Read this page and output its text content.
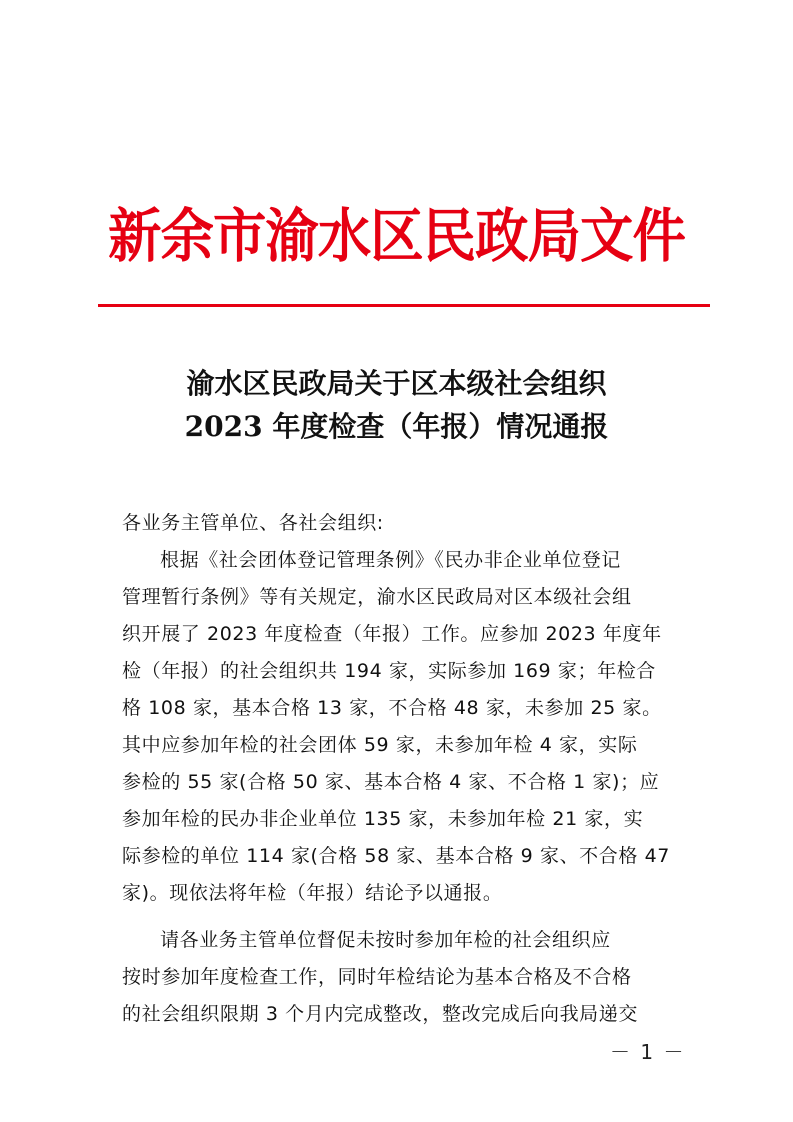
新余市渝水区民政局文件
渝水区民政局关于区本级社会组织
2023 年度检查（年报）情况通报
各业务主管单位、各社会组织:
根据《社会团体登记管理条例》《民办非企业单位登记
管理暂行条例》等有关规定，渝水区民政局对区本级社会组
织开展了 2023 年度检查（年报）工作。应参加 2023 年度年
检（年报）的社会组织共 194 家，实际参加 169 家；年检合
格 108 家，基本合格 13 家，不合格 48 家，未参加 25 家。
其中应参加年检的社会团体 59 家，未参加年检 4 家，实际
参检的 55 家(合格 50 家、基本合格 4 家、不合格 1 家)；应
参加年检的民办非企业单位 135 家，未参加年检 21 家，实
际参检的单位 114 家(合格 58 家、基本合格 9 家、不合格 47
家)。现依法将年检（年报）结论予以通报。
请各业务主管单位督促未按时参加年检的社会组织应
按时参加年度检查工作，同时年检结论为基本合格及不合格
的社会组织限期 3 个月内完成整改，整改完成后向我局递交
－ 1 －
